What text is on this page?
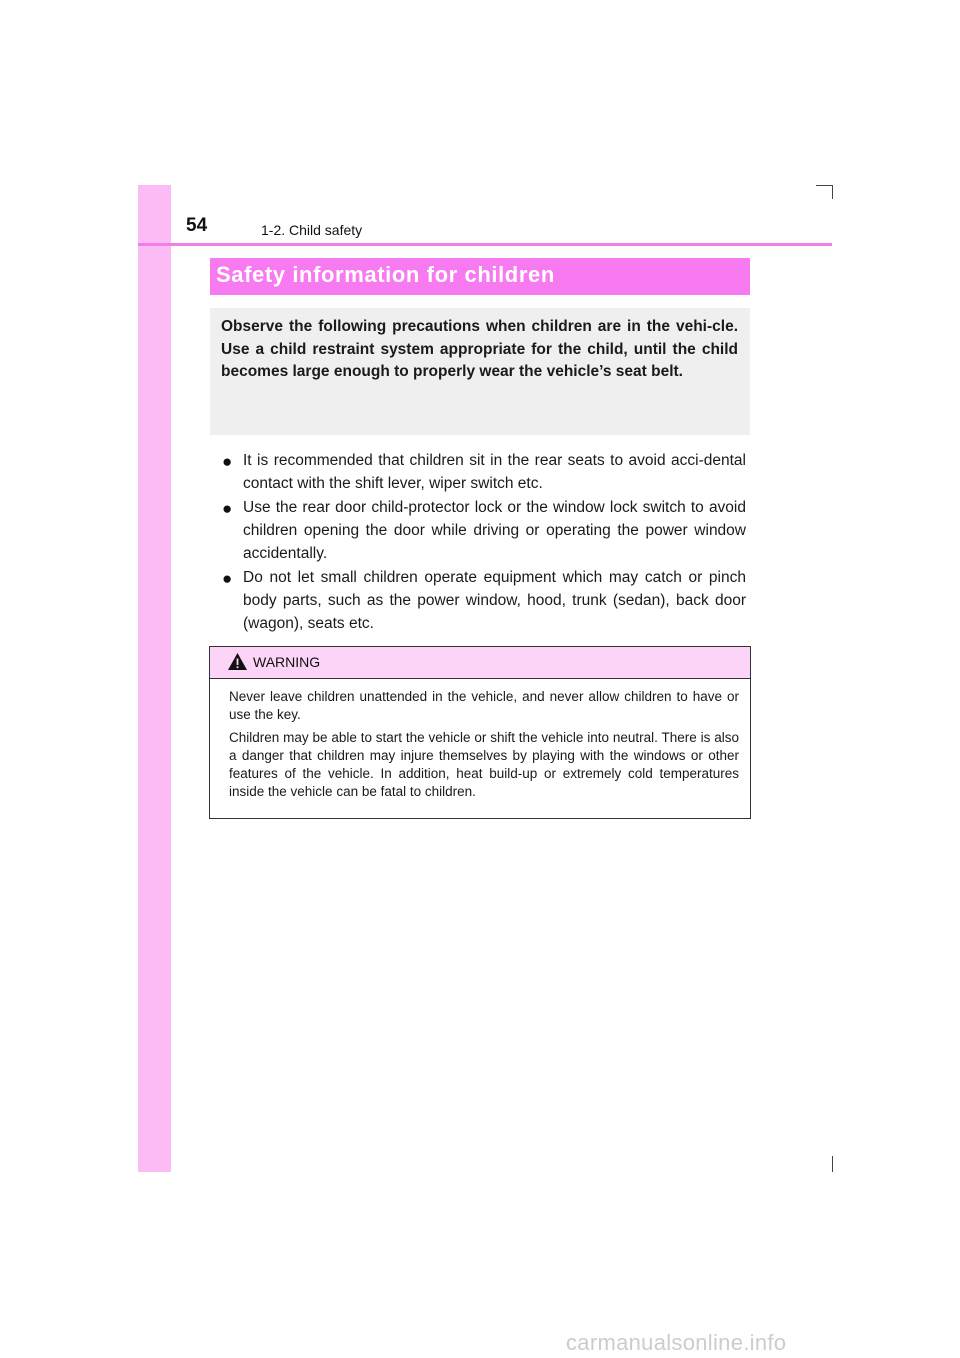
54	1-2. Child safety
Safety information for children
Observe the following precautions when children are in the vehi-cle. Use a child restraint system appropriate for the child, until the child becomes large enough to properly wear the vehicle’s seat belt.
● It is recommended that children sit in the rear seats to avoid acci-dental contact with the shift lever, wiper switch etc.
● Use the rear door child-protector lock or the window lock switch to avoid children opening the door while driving or operating the power window accidentally.
● Do not let small children operate equipment which may catch or pinch body parts, such as the power window, hood, trunk (sedan), back door (wagon), seats etc.
WARNING

Never leave children unattended in the vehicle, and never allow children to have or use the key.

Children may be able to start the vehicle or shift the vehicle into neutral. There is also a danger that children may injure themselves by playing with the windows or other features of the vehicle. In addition, heat build-up or extremely cold temperatures inside the vehicle can be fatal to children.

carmanualsonline.info
